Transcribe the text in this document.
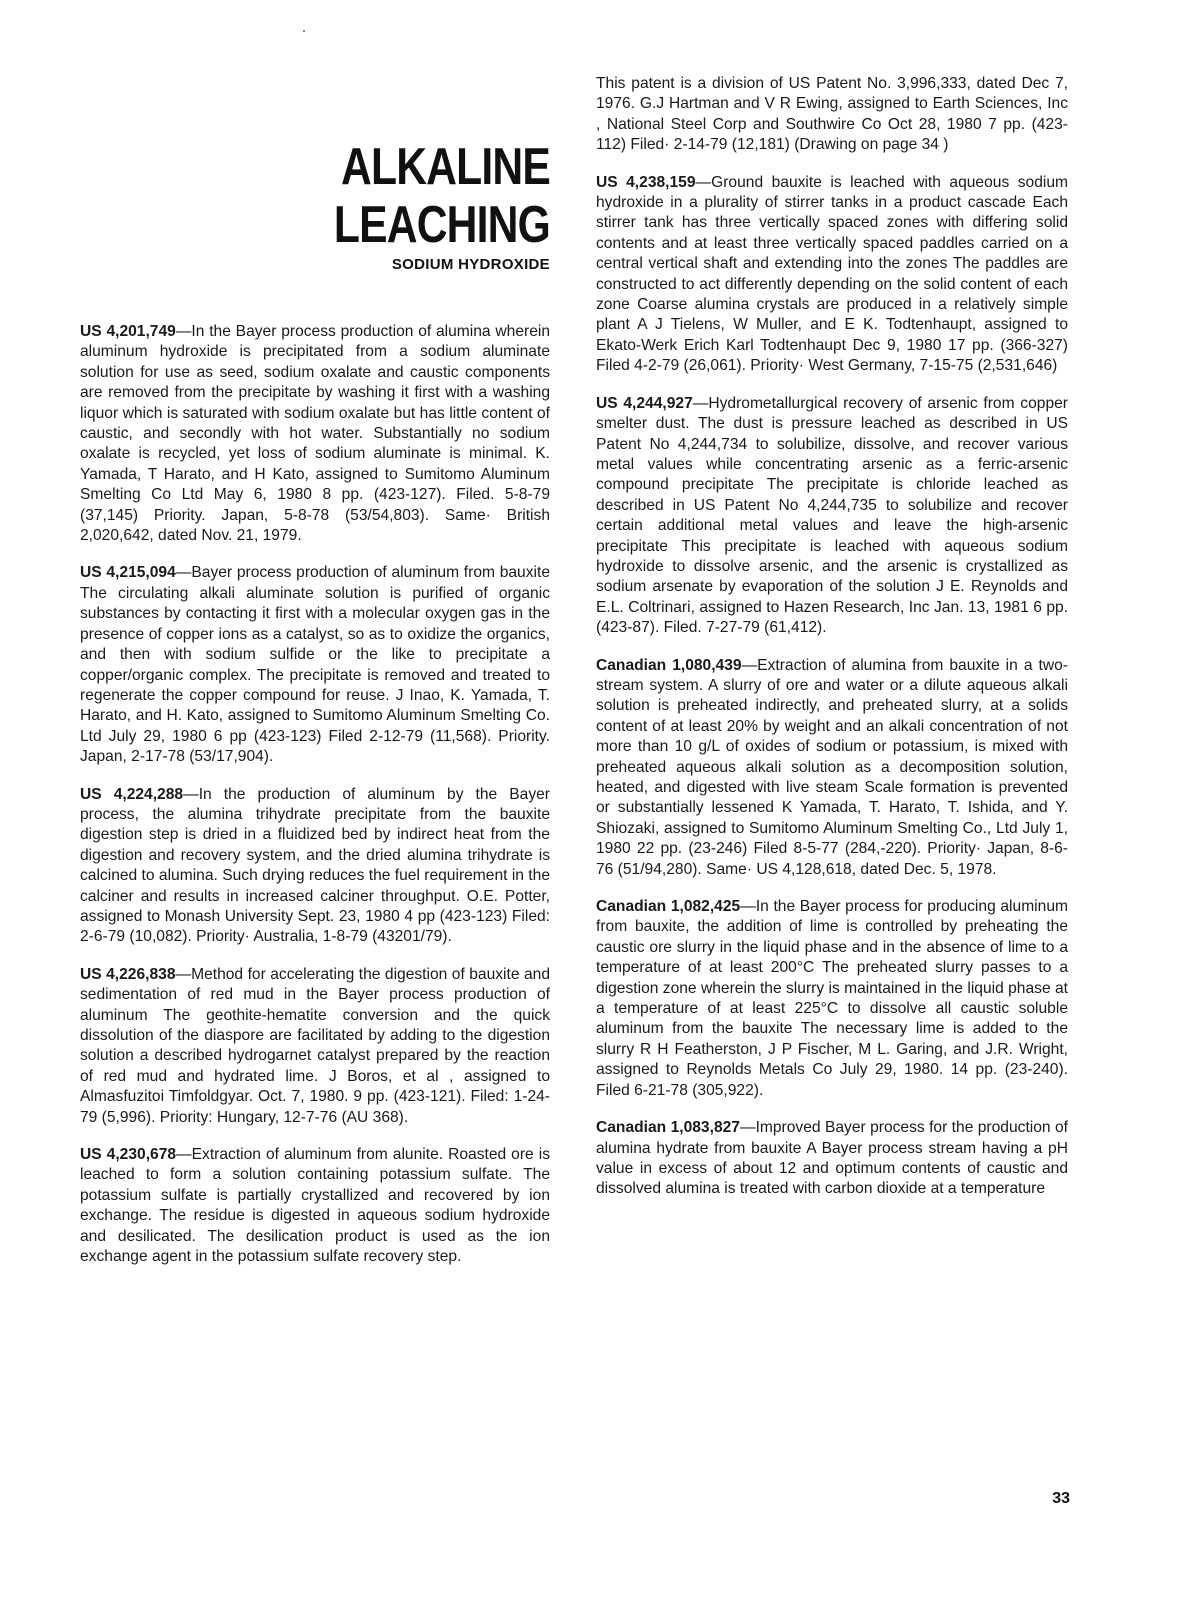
ALKALINE LEACHING
SODIUM HYDROXIDE

US 4,201,749—In the Bayer process production of alumina wherein aluminum hydroxide is precipitated from a sodium aluminate solution for use as seed, sodium oxalate and caustic components are removed from the precipitate by washing it first with a washing liquor which is saturated with sodium oxalate but has little content of caustic, and secondly with hot water. Substantially no sodium oxalate is recycled, yet loss of sodium aluminate is minimal. K. Yamada, T Harato, and H Kato, assigned to Sumitomo Aluminum Smelting Co Ltd May 6, 1980 8 pp. (423-127). Filed. 5-8-79 (37,145) Priority. Japan, 5-8-78 (53/54,803). Same· British 2,020,642, dated Nov. 21, 1979.

US 4,215,094—Bayer process production of aluminum from bauxite The circulating alkali aluminate solution is purified of organic substances by contacting it first with a molecular oxygen gas in the presence of copper ions as a catalyst, so as to oxidize the organics, and then with sodium sulfide or the like to precipitate a copper/organic complex. The precipitate is removed and treated to regenerate the copper compound for reuse. J Inao, K. Yamada, T. Harato, and H. Kato, assigned to Sumitomo Aluminum Smelting Co. Ltd July 29, 1980 6 pp (423-123) Filed 2-12-79 (11,568). Priority. Japan, 2-17-78 (53/17,904).

US 4,224,288—In the production of aluminum by the Bayer process, the alumina trihydrate precipitate from the bauxite digestion step is dried in a fluidized bed by indirect heat from the digestion and recovery system, and the dried alumina trihydrate is calcined to alumina. Such drying reduces the fuel requirement in the calciner and results in increased calciner throughput. O.E. Potter, assigned to Monash University Sept. 23, 1980 4 pp (423-123) Filed: 2-6-79 (10,082). Priority· Australia, 1-8-79 (43201/79).

US 4,226,838—Method for accelerating the digestion of bauxite and sedimentation of red mud in the Bayer process production of aluminum The geothite-hematite conversion and the quick dissolution of the diaspore are facilitated by adding to the digestion solution a described hydrogarnet catalyst prepared by the reaction of red mud and hydrated lime. J Boros, et al , assigned to Almasfuzitoi Timfoldgyar. Oct. 7, 1980. 9 pp. (423-121). Filed: 1-24-79 (5,996). Priority: Hungary, 12-7-76 (AU 368).

US 4,230,678—Extraction of aluminum from alunite. Roasted ore is leached to form a solution containing potassium sulfate. The potassium sulfate is partially crystallized and recovered by ion exchange. The residue is digested in aqueous sodium hydroxide and desilicated. The desilication product is used as the ion exchange agent in the potassium sulfate recovery step.

This patent is a division of US Patent No. 3,996,333, dated Dec 7, 1976. G.J Hartman and V R Ewing, assigned to Earth Sciences, Inc , National Steel Corp and Southwire Co Oct 28, 1980 7 pp. (423-112) Filed· 2-14-79 (12,181) (Drawing on page 34 )

US 4,238,159—Ground bauxite is leached with aqueous sodium hydroxide in a plurality of stirrer tanks in a product cascade Each stirrer tank has three vertically spaced zones with differing solid contents and at least three vertically spaced paddles carried on a central vertical shaft and extending into the zones The paddles are constructed to act differently depending on the solid content of each zone Coarse alumina crystals are produced in a relatively simple plant A J Tielens, W Muller, and E K. Todtenhaupt, assigned to Ekato-Werk Erich Karl Todtenhaupt Dec 9, 1980 17 pp. (366-327) Filed 4-2-79 (26,061). Priority· West Germany, 7-15-75 (2,531,646)

US 4,244,927—Hydrometallurgical recovery of arsenic from copper smelter dust. The dust is pressure leached as described in US Patent No 4,244,734 to solubilize, dissolve, and recover various metal values while concentrating arsenic as a ferric-arsenic compound precipitate The precipitate is chloride leached as described in US Patent No 4,244,735 to solubilize and recover certain additional metal values and leave the high-arsenic precipitate This precipitate is leached with aqueous sodium hydroxide to dissolve arsenic, and the arsenic is crystallized as sodium arsenate by evaporation of the solution J E. Reynolds and E.L. Coltrinari, assigned to Hazen Research, Inc Jan. 13, 1981 6 pp. (423-87). Filed. 7-27-79 (61,412).

Canadian 1,080,439—Extraction of alumina from bauxite in a two-stream system. A slurry of ore and water or a dilute aqueous alkali solution is preheated indirectly, and preheated slurry, at a solids content of at least 20% by weight and an alkali concentration of not more than 10 g/L of oxides of sodium or potassium, is mixed with preheated aqueous alkali solution as a decomposition solution, heated, and digested with live steam Scale formation is prevented or substantially lessened K Yamada, T. Harato, T. Ishida, and Y. Shiozaki, assigned to Sumitomo Aluminum Smelting Co., Ltd July 1, 1980 22 pp. (23-246) Filed 8-5-77 (284,-220). Priority· Japan, 8-6-76 (51/94,280). Same· US 4,128,618, dated Dec. 5, 1978.

Canadian 1,082,425—In the Bayer process for producing aluminum from bauxite, the addition of lime is controlled by preheating the caustic ore slurry in the liquid phase and in the absence of lime to a temperature of at least 200°C The preheated slurry passes to a digestion zone wherein the slurry is maintained in the liquid phase at a temperature of at least 225°C to dissolve all caustic soluble aluminum from the bauxite The necessary lime is added to the slurry R H Featherston, J P Fischer, M L. Garing, and J.R. Wright, assigned to Reynolds Metals Co July 29, 1980. 14 pp. (23-240). Filed 6-21-78 (305,922).

Canadian 1,083,827—Improved Bayer process for the production of alumina hydrate from bauxite A Bayer process stream having a pH value in excess of about 12 and optimum contents of caustic and dissolved alumina is treated with carbon dioxide at a temperature

33
